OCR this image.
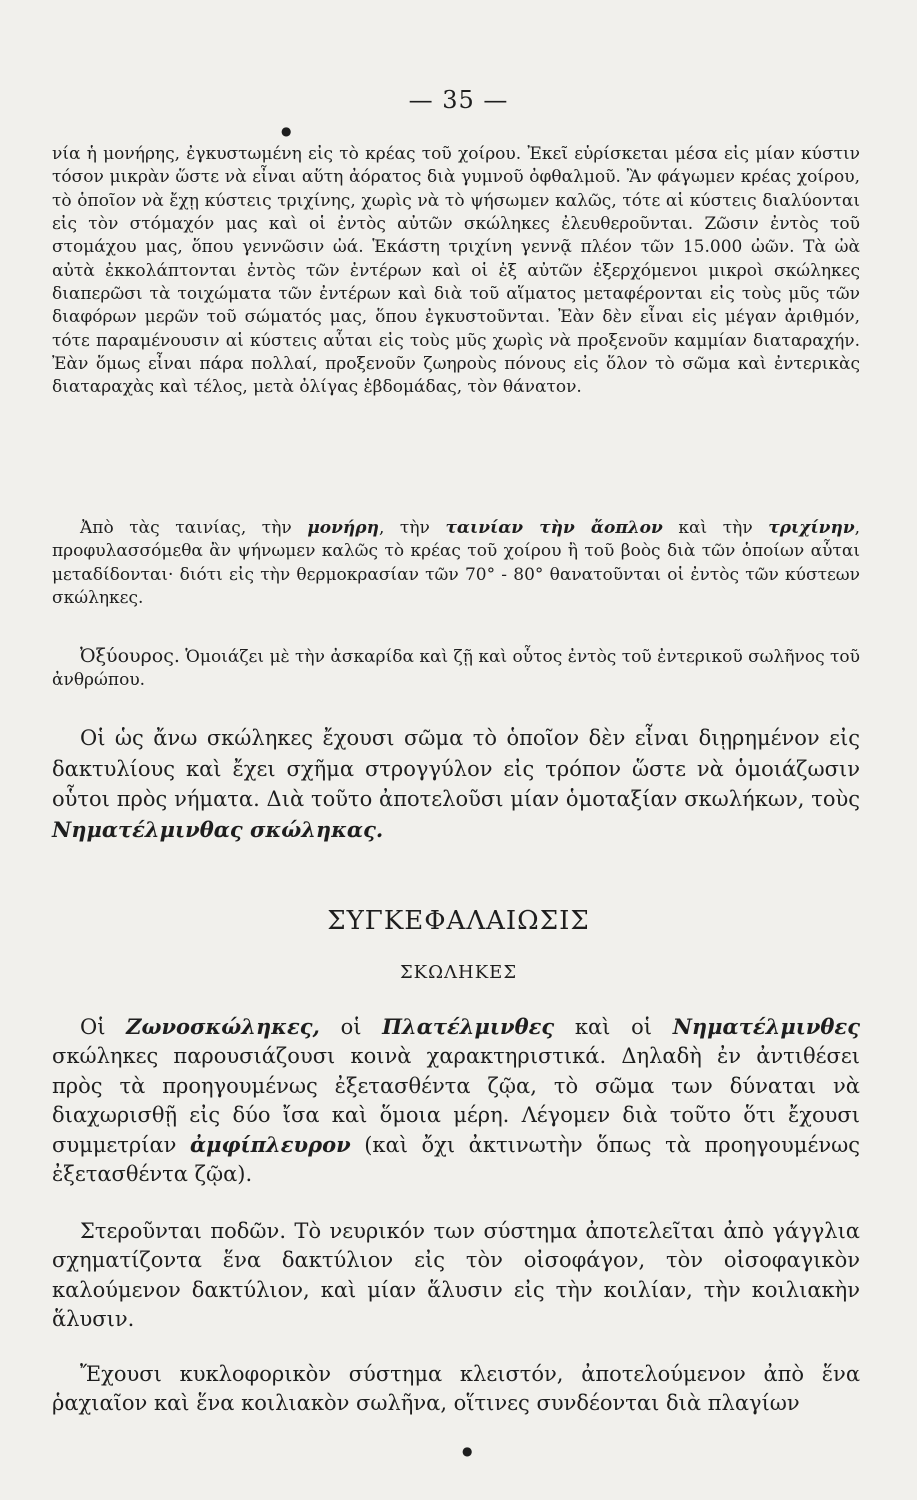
— 35 —
●

νία ἡ μονήρης, ἐγκυστωμένη εἰς τὸ κρέας τοῦ χοίρου. Ἐκεῖ εὑρίσκεται μέσα εἰς μίαν κύστιν τόσον μικρὰν ὥστε νὰ εἶναι αὕτη ἀόρατος διὰ γυμνοῦ ὀφθαλμοῦ. Ἂν φάγωμεν κρέας χοίρου, τὸ ὁποῖον νὰ ἔχῃ κύστεις τριχίνης, χωρὶς νὰ τὸ ψήσωμεν καλῶς, τότε αἱ κύστεις διαλύονται εἰς τὸν στόμαχόν μας καὶ οἱ ἐντὸς αὐτῶν σκώληκες ἐλευθεροῦνται. Ζῶσιν ἐντὸς τοῦ στομάχου μας, ὅπου γεννῶσιν ὠά. Ἑκάστη τριχίνη γεννᾷ πλέον τῶν 15.000 ὠῶν. Τὰ ὠὰ αὐτὰ ἐκκολάπτονται ἐντὸς τῶν ἐντέρων καὶ οἱ ἐξ αὐτῶν ἐξερχόμενοι μικροὶ σκώληκες διαπερῶσι τὰ τοιχώματα τῶν ἐντέρων καὶ διὰ τοῦ αἵματος μεταφέρονται εἰς τοὺς μῦς τῶν διαφόρων μερῶν τοῦ σώματός μας, ὅπου ἐγκυστοῦνται. Ἐὰν δὲν εἶναι εἰς μέγαν ἀριθμόν, τότε παραμένουσιν αἱ κύστεις αὗται εἰς τοὺς μῦς χωρὶς νὰ προξενοῦν καμμίαν διαταραχήν. Ἐὰν ὅμως εἶναι πάρα πολλαί, προξενοῦν ζωηροὺς πόνους εἰς ὅλον τὸ σῶμα καὶ ἐντερικὰς διαταραχὰς καὶ τέλος, μετὰ ὀλίγας ἑβδομάδας, τὸν θάνατον.

Ἀπὸ τὰς ταινίας, τὴν μονήρη, τὴν ταινίαν τὴν ἄοπλον καὶ τὴν τριχίνην, προφυλασσόμεθα ἂν ψήνωμεν καλῶς τὸ κρέας τοῦ χοίρου ἢ τοῦ βοὸς διὰ τῶν ὁποίων αὗται μεταδίδονται· διότι εἰς τὴν θερμοκρασίαν τῶν 70° - 80° θανατοῦνται οἱ ἐντὸς τῶν κύστεων σκώληκες.

Ὀξύουρος. Ὁμοιάζει μὲ τὴν ἀσκαρίδα καὶ ζῇ καὶ οὗτος ἐντὸς τοῦ ἐντερικοῦ σωλῆνος τοῦ ἀνθρώπου.

Οἱ ὡς ἄνω σκώληκες ἔχουσι σῶμα τὸ ὁποῖον δὲν εἶναι διῃρημένον εἰς δακτυλίους καὶ ἔχει σχῆμα στρογγύλον εἰς τρόπον ὥστε νὰ ὁμοιάζωσιν οὗτοι πρὸς νήματα. Διὰ τοῦτο ἀποτελοῦσι μίαν ὁμοταξίαν σκωλήκων, τοὺς Νηματέλμινθας σκώληκας.

ΣΥΓΚΕΦΑΛΑΙΩΣΙΣ
ΣΚΩΛΗΚΕΣ

Οἱ Ζωνοσκώληκες, οἱ Πλατέλμινθες καὶ οἱ Νηματέλμινθες σκώληκες παρουσιάζουσι κοινὰ χαρακτηριστικά. Δηλαδὴ ἐν ἀντιθέσει πρὸς τὰ προηγουμένως ἐξετασθέντα ζῷα, τὸ σῶμα των δύναται νὰ διαχωρισθῇ εἰς δύο ἴσα καὶ ὅμοια μέρη. Λέγομεν διὰ τοῦτο ὅτι ἔχουσι συμμετρίαν ἀμφίπλευρον (καὶ ὄχι ἀκτινωτὴν ὅπως τὰ προηγουμένως ἐξετασθέντα ζῷα).

Στεροῦνται ποδῶν. Τὸ νευρικόν των σύστημα ἀποτελεῖται ἀπὸ γάγγλια σχηματίζοντα ἕνα δακτύλιον εἰς τὸν οἰσοφάγον, τὸν οἰσοφαγικὸν καλούμενον δακτύλιον, καὶ μίαν ἅλυσιν εἰς τὴν κοιλίαν, τὴν κοιλιακὴν ἅλυσιν.

Ἔχουσι κυκλοφορικὸν σύστημα κλειστόν, ἀποτελούμενον ἀπὸ ἕνα ῥαχιαῖον καὶ ἕνα κοιλιακὸν σωλῆνα, οἵτινες συνδέονται διὰ πλαγίων

●
